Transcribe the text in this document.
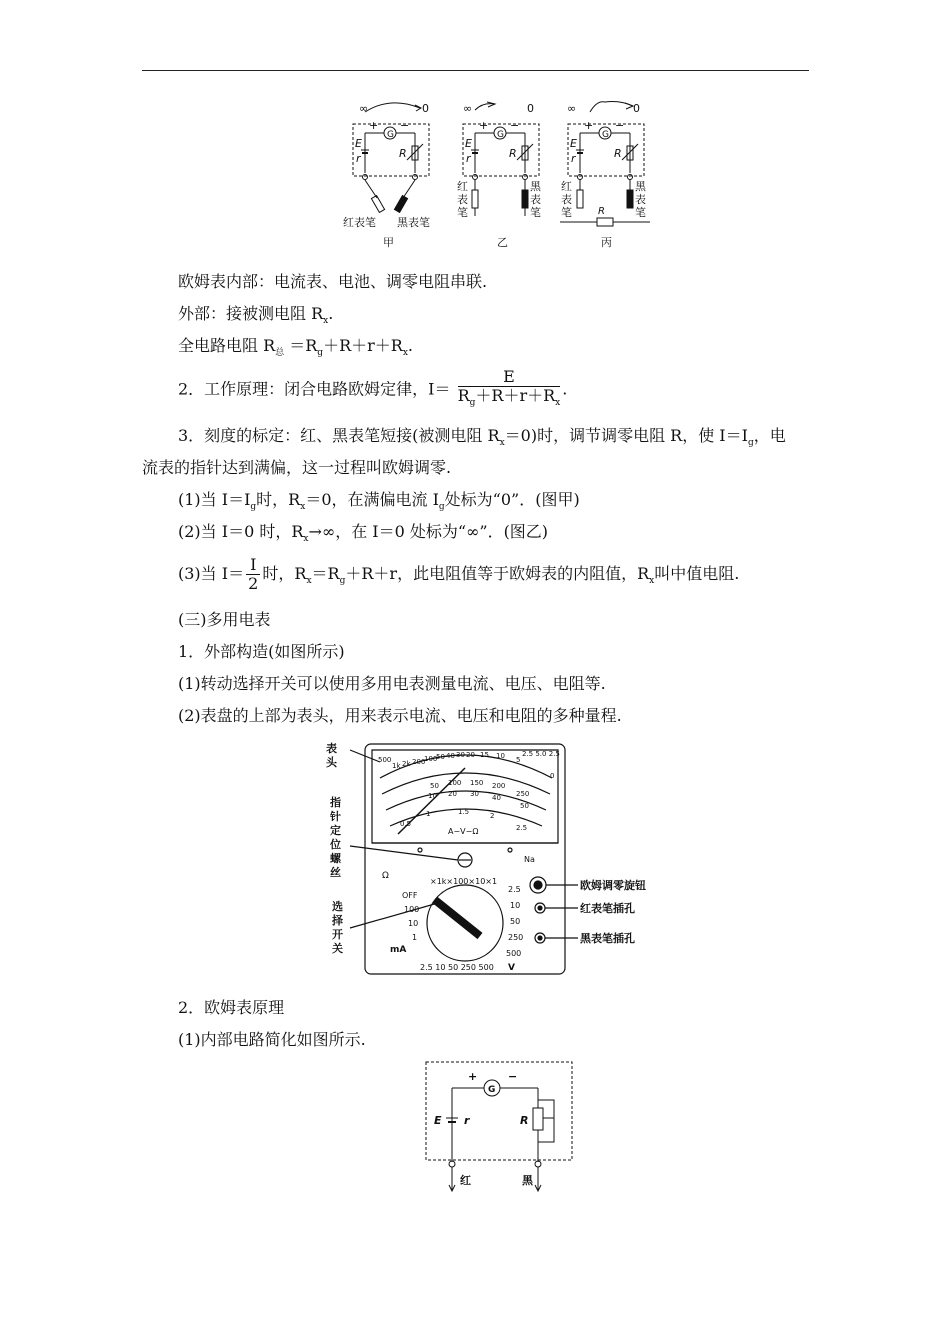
∞	0
G
+ −
E
r	R
红表笔 黑表笔
甲
∞	0
G
+ −
E
r	R
红
表
笔
黑
表
笔
乙
∞	0
G
+ −
E
r	R
红
表
笔
黑
表
笔
R
丙
欧姆表内部：电流表、电池、调零电阻串联.
外部：接被测电阻 $R_x$.
全电路电阻 $R_总 =R_g+R+r+R_x$.
2．工作原理：闭合电路欧姆定律，$I= \frac{E}{R_g+R+r+R_x}$ .
3．刻度的标定：红、黑表笔短接(被测电阻 $R_x=0$)时，调节调零电阻 R，使 $I=I_g$，电
流表的指针达到满偏，这一过程叫欧姆调零.
(1)当 $I=I_g$时，$R_x=0$，在满偏电流 $I_g$处标为“0”．(图甲)
(2)当 I＝0 时，$R_x\to\infty$，在 I＝0 处标为“∞”．(图乙)
(3)当 $I= \frac{I}{2}$ 时，$R_x=R_g+R+r$，此电阻值等于欧姆表的内阻值，$R_x$叫中值电阻.
(三)多用电表
1．外部构造(如图所示)
(1)转动选择开关可以使用多用电表测量电流、电压、电阻等.
(2)表盘的上部为表头，用来表示电流、电压和电阻的多种量程.
表
头
指
针
定
位
螺
丝
选
择
开
关
欧姆调零旋钮
红表笔插孔
黑表笔插孔
500
1k 2k 200
100
50 40 30 20 15 10 5
0
2.5 5.0 2.5
50 100 150 200
250
10 20 30 40
50
0.5
1	1.5	2
2.5
A−V−Ω
Na
Ω
×1k×100×10×1
OFF
100
10
1
mA
2.5
10
50
250
500
2.5 10 50 250 500 V
2．欧姆表原理
(1)内部电路简化如图所示.
+	−
G
E r	R
红	黑
